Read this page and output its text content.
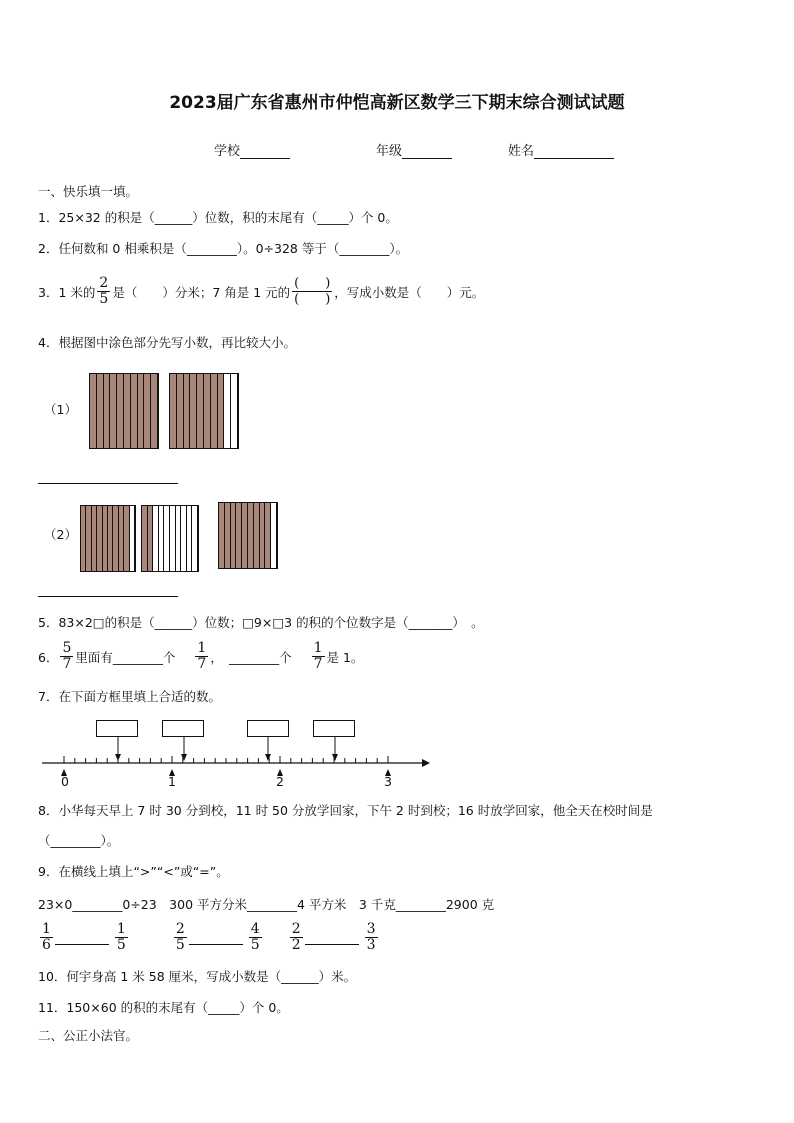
2023届广东省惠州市仲恺高新区数学三下期末综合测试试题
学校	年级	姓名
一、快乐填一填。
1．25×32 的积是（______）位数，积的末尾有（_____）个 0。
2．任何数和 0 相乘积是（________）。0÷328 等于（________）。
3．1 米的 $\frac{2}{5}$ 是（　　）分米；7 角是 1 元的 $\frac{( )}{( )}$ ，写成小数是（　　）元。
4．根据图中涂色部分先写小数，再比较大小。
（1）
（2）
5．83×2□的积是（______）位数；□9×□3 的积的个位数字是（_______）　。
6． $\frac{5}{7}$ 里面有________个 $\frac{1}{7}$ ，　________个 $\frac{1}{7}$ 是 1。
7．在下面方框里填上合适的数。
0	1	2	3
8．小华每天早上 7 时 30 分到校，11 时 50 分放学回家，下午 2 时到校；16 时放学回家，他全天在校时间是
（________）。
9．在横线上填上“>”“<”或“=”。
23×0________0÷23　300 平方分米________4 平方米　3 千克________2900 克
$\frac{1}{6}$	$\frac{1}{5}$	$\frac{2}{5}$	$\frac{4}{5} \frac{2}{2}$	$\frac{3}{3}$
10．何宇身高 1 米 58 厘米，写成小数是（______）米。
11．150×60 的积的末尾有（_____）个 0。
二、公正小法官。
